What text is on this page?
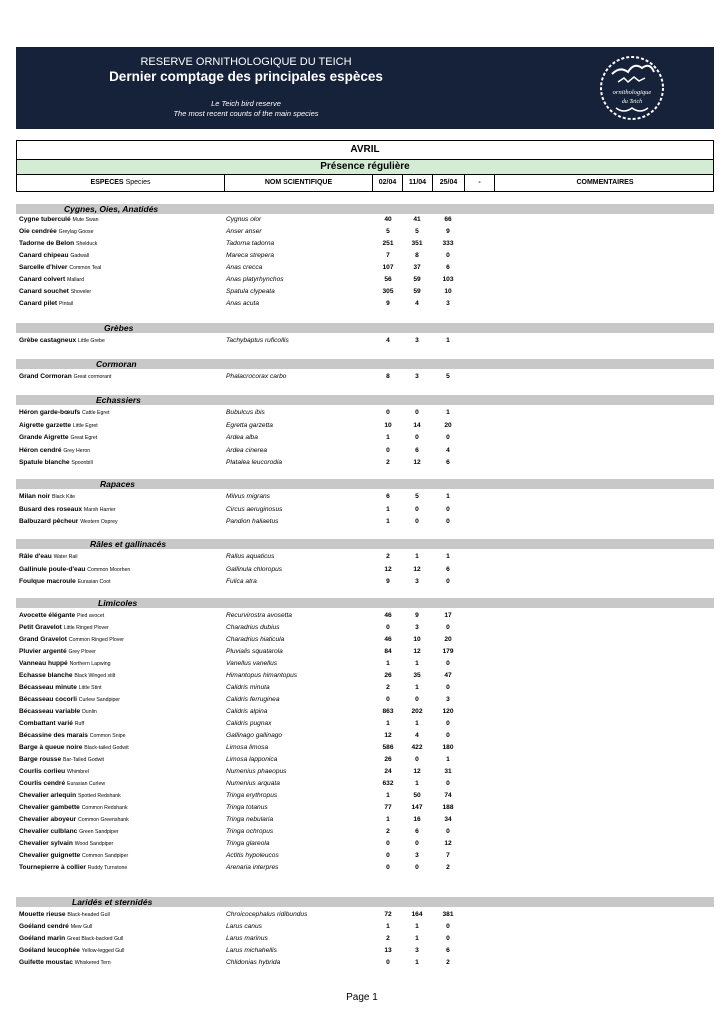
RESERVE ORNITHOLOGIQUE DU TEICH
Dernier comptage des principales espèces
Le Teich bird reserve
The most recent counts of the main species
ornithologique
du Teich
AVRIL
Présence régulière
ESPECES Species	NOM SCIENTIFIQUE	02/04	11/04	25/04	-	COMMENTAIRES
Cygnes, Oies, Anatidés
Cygne tuberculé Mute Swan	Cygnus olor	40	41	66
Oie cendrée Greylag Goose	Anser anser	5	5	9
Tadorne de Belon Shelduck	Tadorna tadorna	251	351	333
Canard chipeau Gadwall	Mareca strepera	7	8	0
Sarcelle d'hiver Common Teal	Anas crecca	107	37	6
Canard colvert Mallard	Anas platyrhynchos	56	59	103
Canard souchet Shoveler	Spatula clypeata	305	59	10
Canard pilet Pintail	Anas acuta	9	4	3
Grèbes
Grèbe castagneux Little Grebe	Tachybaptus ruficollis	4	3	1
Cormoran
Grand Cormoran Great cormorant	Phalacrocorax carbo	8	3	5
Echassiers
Héron garde-bœufs Cattle Egret	Bubulcus ibis	0	0	1
Aigrette garzette Little Egret	Egretta garzetta	10	14	20
Grande Aigrette Great Egret	Ardea alba	1	0	0
Héron cendré Grey Heron	Ardea cinerea	0	6	4
Spatule blanche Spoonbill	Platalea leucorodia	2	12	6
Rapaces
Milan noir Black Kite	Milvus migrans	6	5	1
Busard des roseaux Marsh Harrier	Circus aeruginosus	1	0	0
Balbuzard pêcheur Western Osprey	Pandion haliaetus	1	0	0
Râles et gallinacés
Râle d'eau Water Rail	Rallus aquaticus	2	1	1
Gallinule poule-d'eau Common Moorhen	Gallinula chloropus	12	12	6
Foulque macroule Eurasian Coot	Fulica atra	9	3	0
Limicoles
Avocette élégante Pied avocet	Recurvirostra avosetta	46	9	17
Petit Gravelot Little Ringed Plover	Charadrius dubius	0	3	0
Grand Gravelot Common Ringed Plover	Charadrius hiaticula	46	10	20
Pluvier argenté Grey Plover	Pluvialis squatarola	84	12	179
Vanneau huppé Northern Lapwing	Vanellus vanellus	1	1	0
Echasse blanche Black Winged stilt	Himantopus himantopus	26	35	47
Bécasseau minute Little Stint	Calidris minuta	2	1	0
Bécasseau cocorli Curlew Sandpiper	Calidris ferruginea	0	0	3
Bécasseau variable Dunlin	Calidris alpina	863	202	120
Combattant varié Ruff	Calidris pugnax	1	1	0
Bécassine des marais Common Snipe	Gallinago gallinago	12	4	0
Barge à queue noire Black-tailed Godwit	Limosa limosa	586	422	180
Barge rousse Bar-Tailed Godwit	Limosa lapponica	26	0	1
Courlis corlieu Whimbrel	Numenius phaeopus	24	12	31
Courlis cendré Eurasian Curlew	Numenius arquata	632	1	0
Chevalier arlequin Spotted Redshank	Tringa erythropus	1	50	74
Chevalier gambette Common Redshank	Tringa totanus	77	147	188
Chevalier aboyeur Common Greenshank	Tringa nebularia	1	16	34
Chevalier culblanc Green Sandpiper	Tringa ochropus	2	6	0
Chevalier sylvain Wood Sandpiper	Tringa glareola	0	0	12
Chevalier guignette Common Sandpiper	Actitis hypoleucos	0	3	7
Tournepierre à collier Ruddy Turnstone	Arenaria interpres	0	0	2
Laridés et sternidés
Mouette rieuse Black-headed Gull	Chroicocephalus ridibundus	72	164	381
Goéland cendré Mew Gull	Larus canus	1	1	0
Goéland marin Great Black-backed Gull	Larus marinus	2	1	0
Goéland leucophée Yellow-legged Gull	Larus michahellis	13	3	6
Guifette moustac Whiskered Tern	Chlidonias hybrida	0	1	2
Page 1
